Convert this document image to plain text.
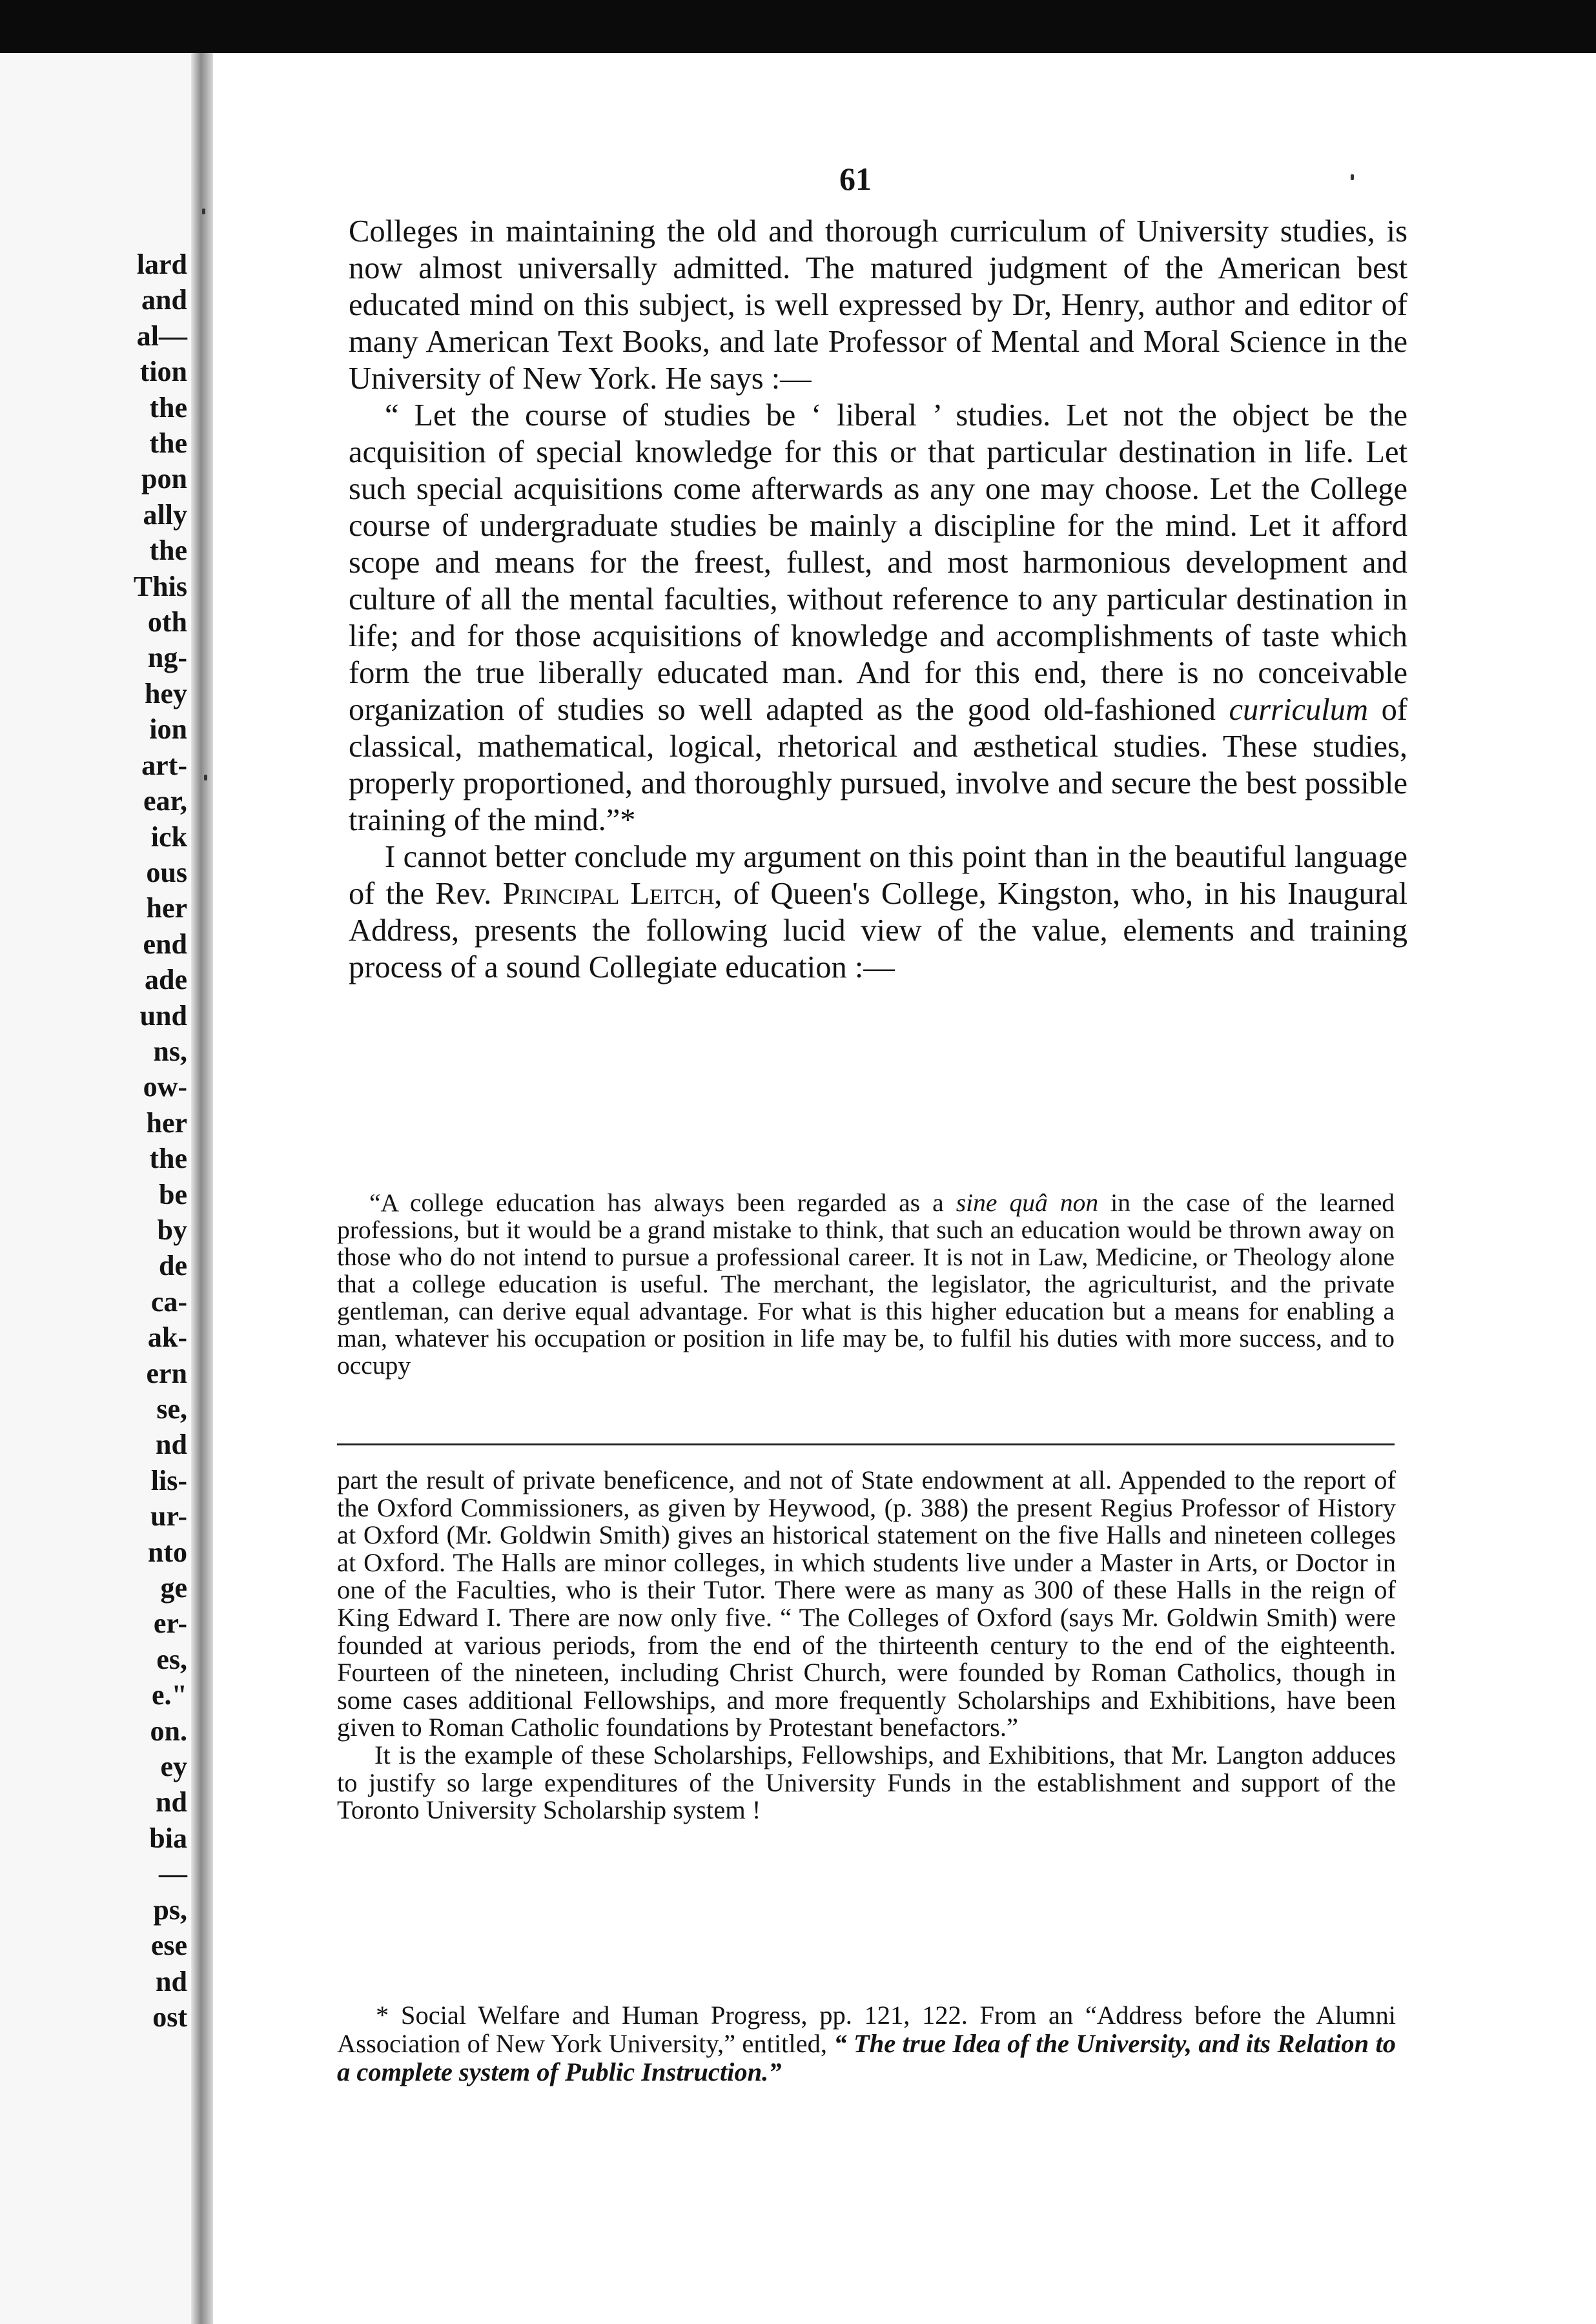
lard
and
al—
tion
the
the
pon
ally
the
This
oth
ng-
hey
ion
art-
ear,
ick
ous
her
end
ade
und
ns,
ow-
her
the
be
by
de
ca-
ak-
ern
se,
nd
lis-
ur-
nto
ge
er-
es,
e."
on.
ey
nd
bia
—
ps,
ese
nd
ost
61

Colleges in maintaining the old and thorough curriculum of University studies, is now almost universally admitted. The matured judgment of the American best educated mind on this subject, is well expressed by Dr, Henry, author and editor of many American Text Books, and late Professor of Mental and Moral Science in the University of New York. He says :—

“ Let the course of studies be ‘ liberal ’ studies. Let not the object be the acquisition of special knowledge for this or that particular destination in life. Let such special acquisitions come afterwards as any one may choose. Let the College course of undergraduate studies be mainly a discipline for the mind. Let it afford scope and means for the freest, fullest, and most harmonious development and culture of all the mental faculties, without reference to any particular destination in life; and for those acquisitions of knowledge and accomplishments of taste which form the true liberally educated man. And for this end, there is no conceivable organization of studies so well adapted as the good old-fashioned curriculum of classical, mathematical, logical, rhetorical and æsthetical studies. These studies, properly proportioned, and thoroughly pursued, involve and secure the best possible training of the mind.”*

I cannot better conclude my argument on this point than in the beautiful language of the Rev. Principal Leitch, of Queen's College, Kingston, who, in his Inaugural Address, presents the following lucid view of the value, elements and training process of a sound Collegiate education :—

“A college education has always been regarded as a sine quâ non in the case of the learned professions, but it would be a grand mistake to think, that such an education would be thrown away on those who do not intend to pursue a professional career. It is not in Law, Medicine, or Theology alone that a college education is useful. The merchant, the legislator, the agriculturist, and the private gentleman, can derive equal advantage. For what is this higher education but a means for enabling a man, whatever his occupation or position in life may be, to fulfil his duties with more success, and to occupy

part the result of private beneficence, and not of State endowment at all. Appended to the report of the Oxford Commissioners, as given by Heywood, (p. 388) the present Regius Professor of History at Oxford (Mr. Goldwin Smith) gives an historical statement on the five Halls and nineteen colleges at Oxford. The Halls are minor colleges, in which students live under a Master in Arts, or Doctor in one of the Faculties, who is their Tutor. There were as many as 300 of these Halls in the reign of King Edward I. There are now only five. “ The Colleges of Oxford (says Mr. Goldwin Smith) were founded at various periods, from the end of the thirteenth century to the end of the eighteenth. Fourteen of the nineteen, including Christ Church, were founded by Roman Catholics, though in some cases additional Fellowships, and more frequently Scholarships and Exhibitions, have been given to Roman Catholic foundations by Protestant benefactors.”

It is the example of these Scholarships, Fellowships, and Exhibitions, that Mr. Langton adduces to justify so large expenditures of the University Funds in the establishment and support of the Toronto University Scholarship system !

* Social Welfare and Human Progress, pp. 121, 122. From an “Address before the Alumni Association of New York University,” entitled, “ The true Idea of the University, and its Relation to a complete system of Public Instruction.”
